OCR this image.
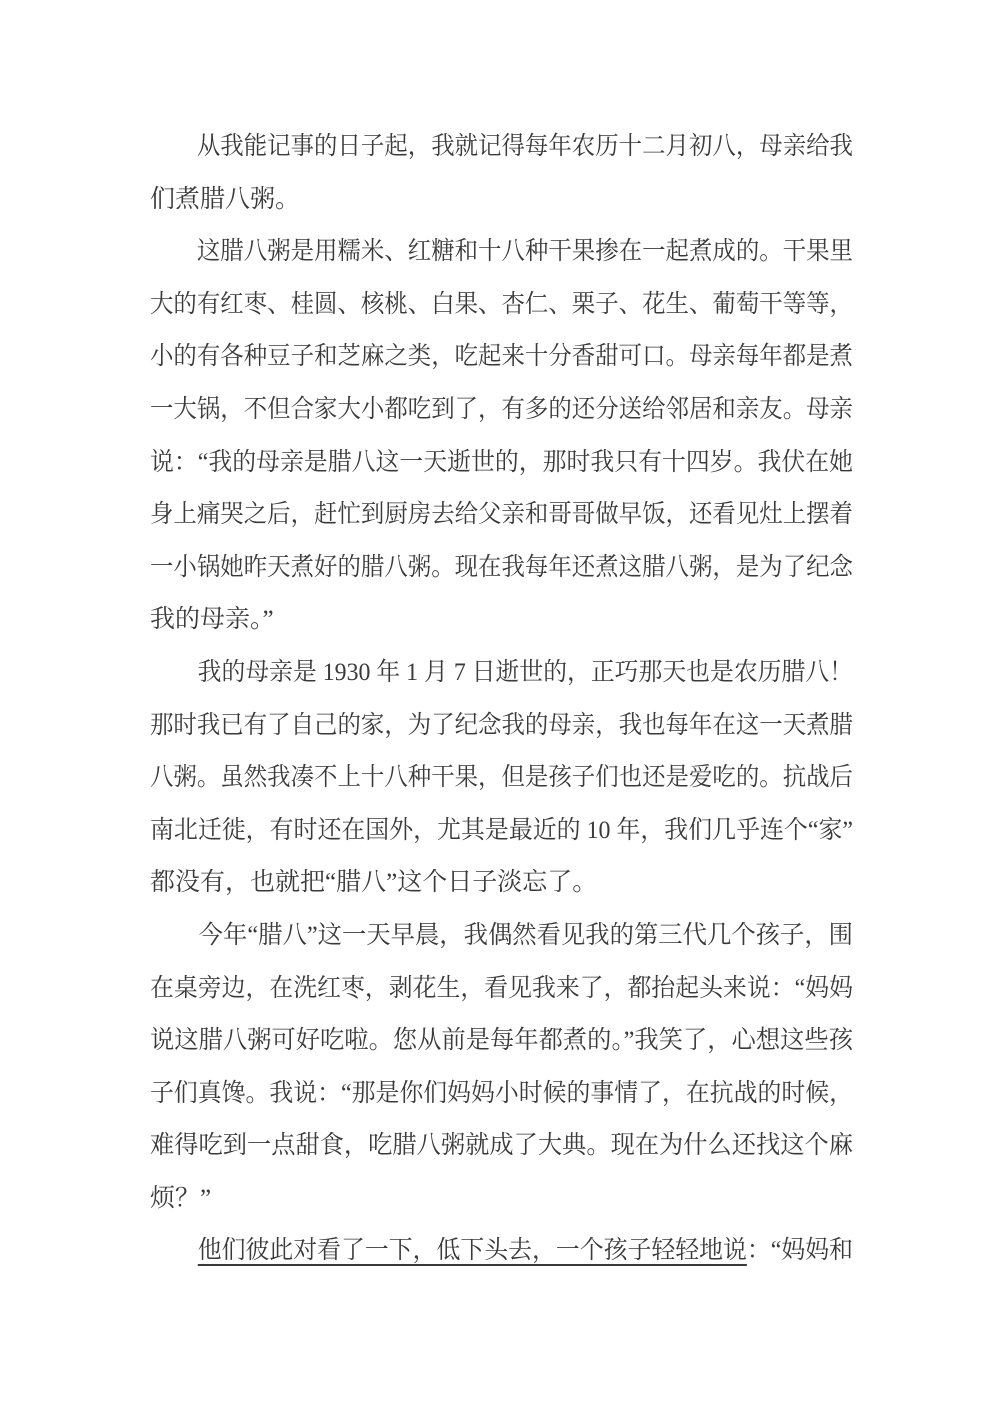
　　从我能记事的日子起，我就记得每年农历十二月初八，母亲给我
们煮腊八粥。
　　这腊八粥是用糯米、红糖和十八种干果掺在一起煮成的。干果里
大的有红枣、桂圆、核桃、白果、杏仁、栗子、花生、葡萄干等等，
小的有各种豆子和芝麻之类，吃起来十分香甜可口。母亲每年都是煮
一大锅，不但合家大小都吃到了，有多的还分送给邻居和亲友。母亲
说：“我的母亲是腊八这一天逝世的，那时我只有十四岁。我伏在她
身上痛哭之后，赶忙到厨房去给父亲和哥哥做早饭，还看见灶上摆着
一小锅她昨天煮好的腊八粥。现在我每年还煮这腊八粥，是为了纪念
我的母亲。”
　　我的母亲是 1930 年 1 月 7 日逝世的，正巧那天也是农历腊八！
那时我已有了自己的家，为了纪念我的母亲，我也每年在这一天煮腊
八粥。虽然我凑不上十八种干果，但是孩子们也还是爱吃的。抗战后
南北迁徙，有时还在国外，尤其是最近的 10 年，我们几乎连个“家”
都没有，也就把“腊八”这个日子淡忘了。
　　今年“腊八”这一天早晨，我偶然看见我的第三代几个孩子，围
在桌旁边，在洗红枣，剥花生，看见我来了，都抬起头来说：“妈妈
说这腊八粥可好吃啦。您从前是每年都煮的。”我笑了，心想这些孩
子们真馋。我说：“那是你们妈妈小时候的事情了，在抗战的时候，
难得吃到一点甜食，吃腊八粥就成了大典。现在为什么还找这个麻
烦？”
　　他们彼此对看了一下，低下头去，一个孩子轻轻地说：“妈妈和
